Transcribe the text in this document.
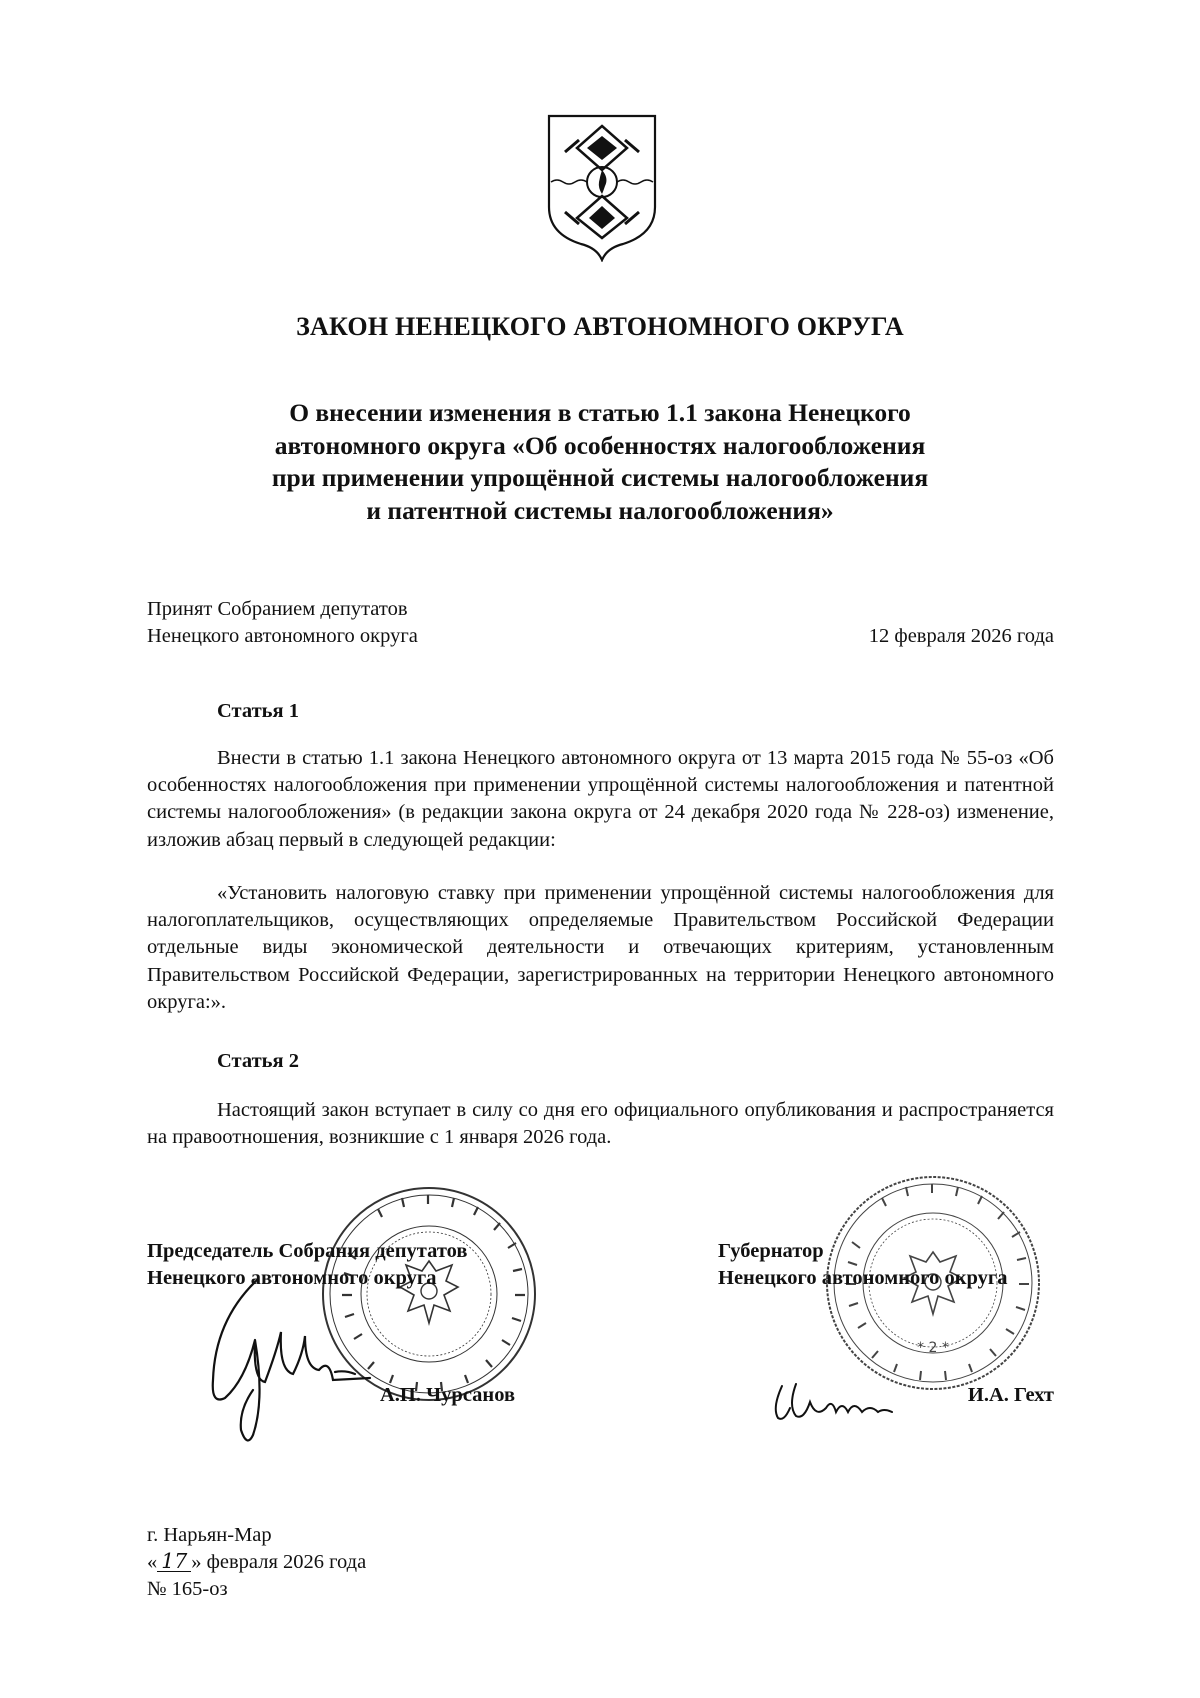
ЗАКОН НЕНЕЦКОГО АВТОНОМНОГО ОКРУГА
О внесении изменения в статью 1.1 закона Ненецкого
автономного округа «Об особенностях налогообложения
при применении упрощённой системы налогообложения
и патентной системы налогообложения»
Принят Собранием депутатов
Ненецкого автономного округа	12 февраля 2026 года
Статья 1

Внести в статью 1.1 закона Ненецкого автономного округа от 13 марта 2015 года № 55-оз «Об особенностях налогообложения при применении упрощённой системы налогообложения и патентной системы налогообложения» (в редакции закона округа от 24 декабря 2020 года № 228-оз) изменение, изложив абзац первый в следующей редакции:

«Установить налоговую ставку при применении упрощённой системы налогообложения для налогоплательщиков, осуществляющих определяемые Правительством Российской Федерации отдельные виды экономической деятельности и отвечающих критериям, установленным Правительством Российской Федерации, зарегистрированных на территории Ненецкого автономного округа:».

Статья 2

Настоящий закон вступает в силу со дня его официального опубликования и распространяется на правоотношения, возникшие с 1 января 2026 года.

* 2 *
Председатель Собрания депутатов
Ненецкого автономного округа
А.П. Чурсанов
Губернатор
Ненецкого автономного округа
И.А. Гехт
г. Нарьян-Мар
« 17 » февраля 2026 года
№ 165-оз
